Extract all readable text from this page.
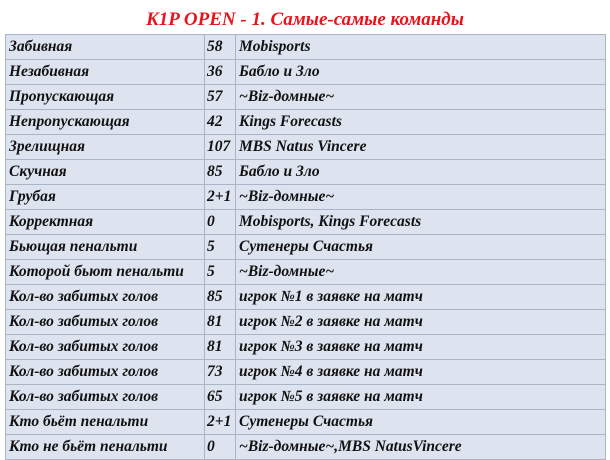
K1P OPEN - 1. Самые-самые команды
Забивная	58	Mobisports
Незабивная	36	Бабло и Зло
Пропускающая	57	~Biz-домные~
Непропускающая	42	Kings Forecasts
Зрелищная	107	MBS Natus Vincere
Скучная	85	Бабло и Зло
Грубая	2+1	~Biz-домные~
Корректная	0	Mobisports, Kings Forecasts
Бьющая пенальти	5	Сутенеры Счастья
Которой бьют пенальти	5	~Biz-домные~
Кол-во забитых голов	85	игрок №1 в заявке на матч
Кол-во забитых голов	81	игрок №2 в заявке на матч
Кол-во забитых голов	81	игрок №3 в заявке на матч
Кол-во забитых голов	73	игрок №4 в заявке на матч
Кол-во забитых голов	65	игрок №5 в заявке на матч
Кто бьёт пенальти	2+1	Сутенеры Счастья
Кто не бьёт пенальти	0	~Biz-домные~,MBS NatusVincere
